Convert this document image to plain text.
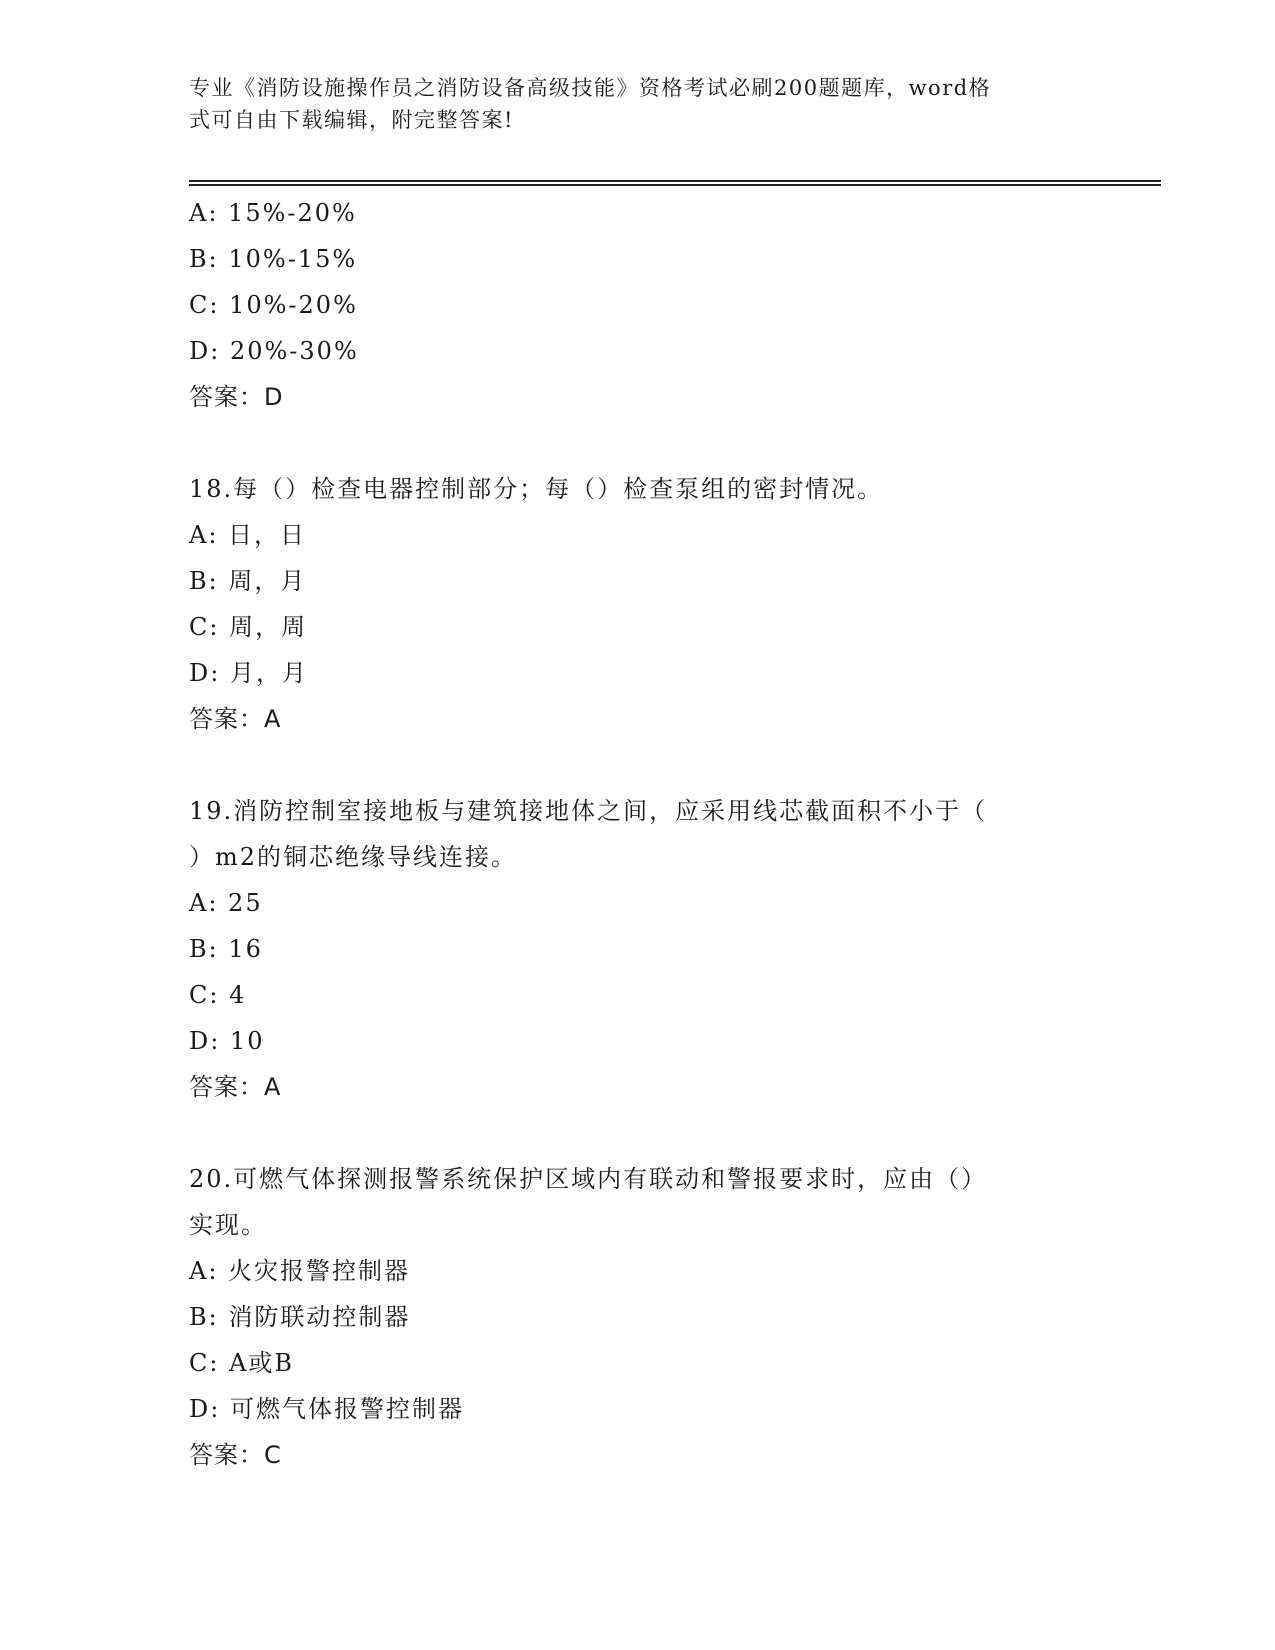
专业《消防设施操作员之消防设备高级技能》资格考试必刷200题题库，word格
式可自由下载编辑，附完整答案!
A: 15%-20%
B: 10%-15%
C: 10%-20%
D: 20%-30%
答案：D
18.每（）检查电器控制部分；每（）检查泵组的密封情况。
A: 日，日
B: 周，月
C: 周，周
D: 月，月
答案：A
19.消防控制室接地板与建筑接地体之间，应采用线芯截面积不小于（
）m2的铜芯绝缘导线连接。
A: 25
B: 16
C: 4
D: 10
答案：A
20.可燃气体探测报警系统保护区域内有联动和警报要求时，应由（）
实现。
A: 火灾报警控制器
B: 消防联动控制器
C: A或B
D: 可燃气体报警控制器
答案：C
